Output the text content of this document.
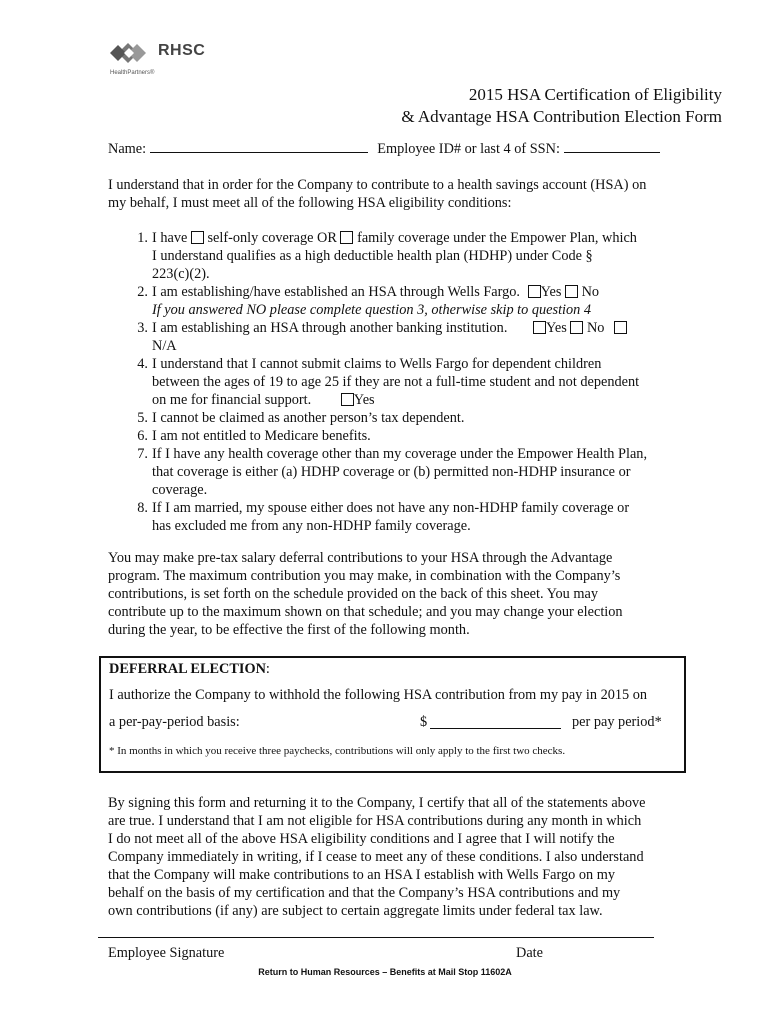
RHSC
HealthPartners®
2015 HSA Certification of Eligibility
& Advantage HSA Contribution Election Form
Name:	Employee ID# or last 4 of SSN:
I understand that in order for the Company to contribute to a health savings account (HSA) on
my behalf, I must meet all of the following HSA eligibility conditions:
1. I have self-only coverage OR family coverage under the Empower Plan, which
I understand qualifies as a high deductible health plan (HDHP) under Code §
223(c)(2).
2. I am establishing/have established an HSA through Wells Fargo. Yes No
If you answered NO please complete question 3, otherwise skip to question 4
3. I am establishing an HSA through another banking institution.	Yes No
N/A
4. I understand that I cannot submit claims to Wells Fargo for dependent children
between the ages of 19 to age 25 if they are not a full-time student and not dependent
on me for financial support.	Yes
5. I cannot be claimed as another person’s tax dependent.
6. I am not entitled to Medicare benefits.
7. If I have any health coverage other than my coverage under the Empower Health Plan,
that coverage is either (a) HDHP coverage or (b) permitted non-HDHP insurance or
coverage.
8. If I am married, my spouse either does not have any non-HDHP family coverage or
has excluded me from any non-HDHP family coverage.
You may make pre-tax salary deferral contributions to your HSA through the Advantage
program. The maximum contribution you may make, in combination with the Company’s
contributions, is set forth on the schedule provided on the back of this sheet. You may
contribute up to the maximum shown on that schedule; and you may change your election
during the year, to be effective the first of the following month.
DEFERRAL ELECTION:
I authorize the Company to withhold the following HSA contribution from my pay in 2015 on
a per-pay-period basis:	$	per pay period*
* In months in which you receive three paychecks, contributions will only apply to the first two checks.
By signing this form and returning it to the Company, I certify that all of the statements above
are true. I understand that I am not eligible for HSA contributions during any month in which
I do not meet all of the above HSA eligibility conditions and I agree that I will notify the
Company immediately in writing, if I cease to meet any of these conditions. I also understand
that the Company will make contributions to an HSA I establish with Wells Fargo on my
behalf on the basis of my certification and that the Company’s HSA contributions and my
own contributions (if any) are subject to certain aggregate limits under federal tax law.
Employee Signature	Date
Return to Human Resources – Benefits at Mail Stop 11602A
